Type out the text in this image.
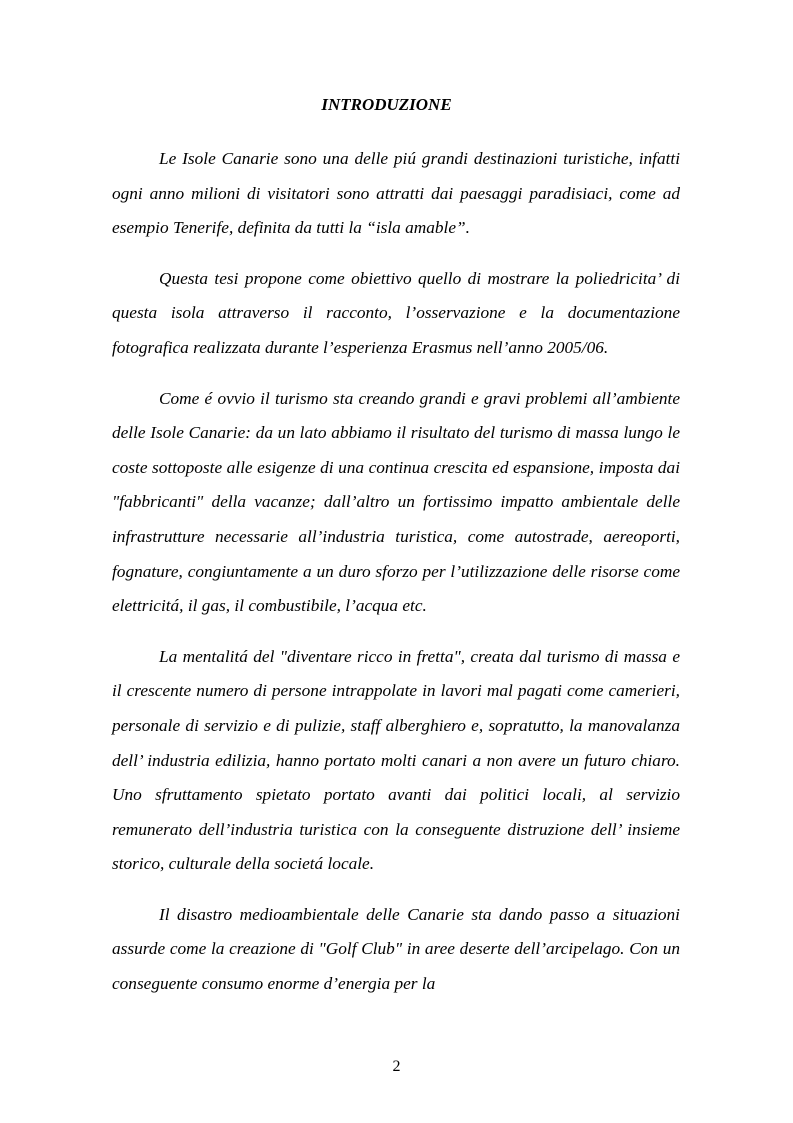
INTRODUZIONE

Le Isole Canarie sono una delle piú grandi destinazioni turistiche, infatti ogni anno milioni di visitatori sono attratti dai paesaggi paradisiaci, come ad esempio Tenerife, definita da tutti la “isla amable”.

Questa tesi propone come obiettivo quello di mostrare la poliedricita’ di questa isola attraverso il racconto, l’osservazione e la documentazione fotografica realizzata durante l’esperienza Erasmus nell’anno 2005/06.

Come é ovvio il turismo sta creando grandi e gravi problemi all’ambiente delle Isole Canarie: da un lato abbiamo il risultato del turismo di massa lungo le coste sottoposte alle esigenze di una continua crescita ed espansione, imposta dai "fabbricanti" della vacanze; dall’altro un fortissimo impatto ambientale delle infrastrutture necessarie all’industria turistica, come autostrade, aereoporti, fognature, congiuntamente a un duro sforzo per l’utilizzazione delle risorse come elettricitá, il gas, il combustibile, l’acqua etc.

La mentalitá del "diventare ricco in fretta", creata dal turismo di massa e il crescente numero di persone intrappolate in lavori mal pagati come camerieri, personale di servizio e di pulizie, staff alberghiero e, sopratutto, la manovalanza dell’ industria edilizia, hanno portato molti canari a non avere un futuro chiaro. Uno sfruttamento spietato portato avanti dai politici locali, al servizio remunerato dell’industria turistica con la conseguente distruzione dell’ insieme storico, culturale della societá locale.

Il disastro medioambientale delle Canarie sta dando passo a situazioni assurde come la creazione di "Golf Club" in aree deserte dell’arcipelago. Con un conseguente consumo enorme d’energia per la

2
